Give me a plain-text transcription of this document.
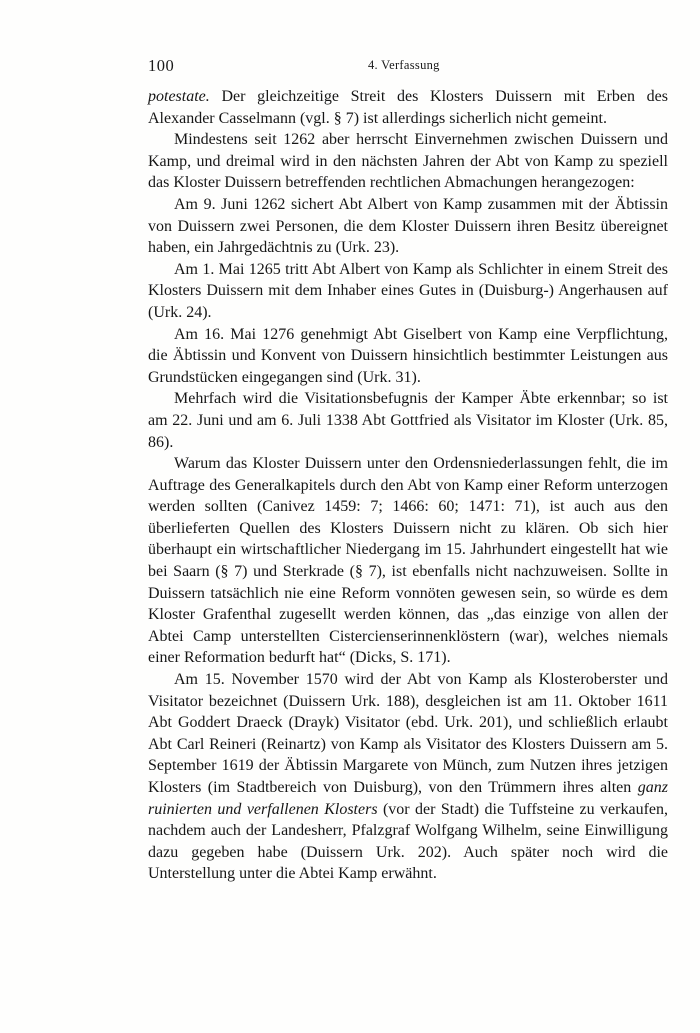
100	4. Verfassung

potestate. Der gleichzeitige Streit des Klosters Duissern mit Erben des Alexander Casselmann (vgl. § 7) ist allerdings sicherlich nicht gemeint.

Mindestens seit 1262 aber herrscht Einvernehmen zwischen Duissern und Kamp, und dreimal wird in den nächsten Jahren der Abt von Kamp zu speziell das Kloster Duissern betreffenden rechtlichen Abmachungen herangezogen:

Am 9. Juni 1262 sichert Abt Albert von Kamp zusammen mit der Äbtissin von Duissern zwei Personen, die dem Kloster Duissern ihren Besitz übereignet haben, ein Jahrgedächtnis zu (Urk. 23).

Am 1. Mai 1265 tritt Abt Albert von Kamp als Schlichter in einem Streit des Klosters Duissern mit dem Inhaber eines Gutes in (Duisburg-) Angerhausen auf (Urk. 24).

Am 16. Mai 1276 genehmigt Abt Giselbert von Kamp eine Verpflichtung, die Äbtissin und Konvent von Duissern hinsichtlich bestimmter Leistungen aus Grundstücken eingegangen sind (Urk. 31).

Mehrfach wird die Visitationsbefugnis der Kamper Äbte erkennbar; so ist am 22. Juni und am 6. Juli 1338 Abt Gottfried als Visitator im Kloster (Urk. 85, 86).

Warum das Kloster Duissern unter den Ordensniederlassungen fehlt, die im Auftrage des Generalkapitels durch den Abt von Kamp einer Reform unterzogen werden sollten (Canivez 1459: 7; 1466: 60; 1471: 71), ist auch aus den überlieferten Quellen des Klosters Duissern nicht zu klären. Ob sich hier überhaupt ein wirtschaftlicher Niedergang im 15. Jahrhundert eingestellt hat wie bei Saarn (§ 7) und Sterkrade (§ 7), ist ebenfalls nicht nachzuweisen. Sollte in Duissern tatsächlich nie eine Reform vonnöten gewesen sein, so würde es dem Kloster Grafenthal zugesellt werden können, das „das einzige von allen der Abtei Camp unterstellten Cistercienserinnenklöstern (war), welches niemals einer Reformation bedurft hat“ (Dicks, S. 171).

Am 15. November 1570 wird der Abt von Kamp als Klosteroberster und Visitator bezeichnet (Duissern Urk. 188), desgleichen ist am 11. Oktober 1611 Abt Goddert Draeck (Drayk) Visitator (ebd. Urk. 201), und schließlich erlaubt Abt Carl Reineri (Reinartz) von Kamp als Visitator des Klosters Duissern am 5. September 1619 der Äbtissin Margarete von Münch, zum Nutzen ihres jetzigen Klosters (im Stadtbereich von Duisburg), von den Trümmern ihres alten ganz ruinierten und verfallenen Klosters (vor der Stadt) die Tuffsteine zu verkaufen, nachdem auch der Landesherr, Pfalzgraf Wolfgang Wilhelm, seine Einwilligung dazu gegeben habe (Duissern Urk. 202). Auch später noch wird die Unterstellung unter die Abtei Kamp erwähnt.
